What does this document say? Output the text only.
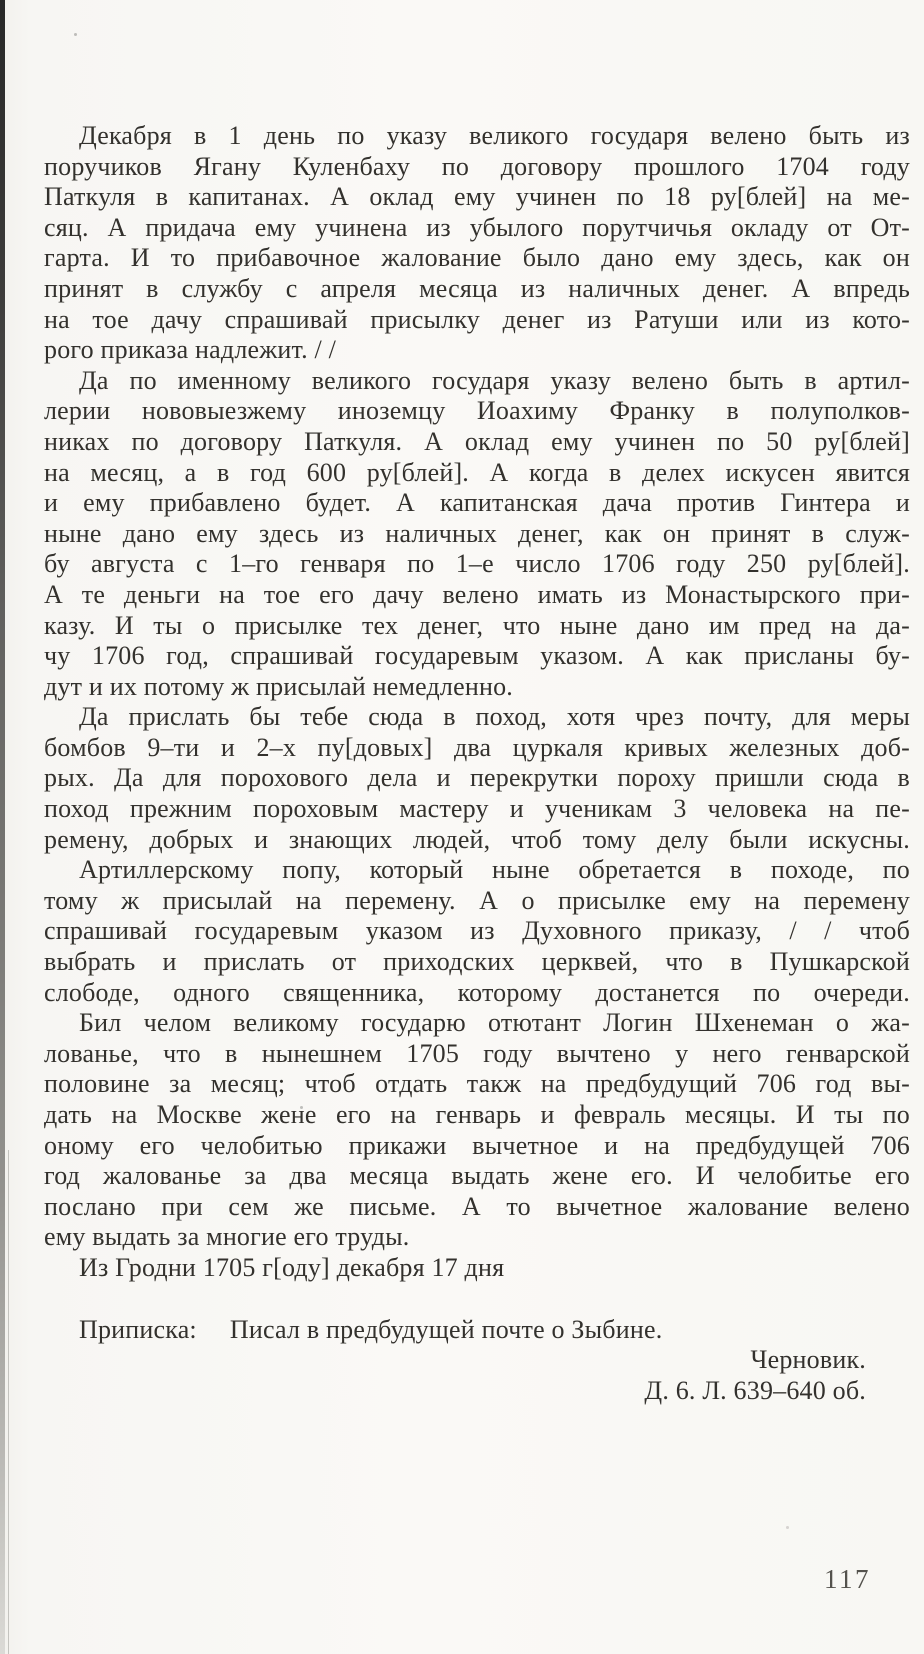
Декабря в 1 день по указу великого государя велено быть из
поручиков Ягану Куленбаху по договору прошлого 1704 году
Паткуля в капитанах. А оклад ему учинен по 18 ру[блей] на ме-
сяц. А придача ему учинена из убылого порутчичья окладу от От-
гарта. И то прибавочное жалование было дано ему здесь, как он
принят в службу с апреля месяца из наличных денег. А впредь
на тое дачу спрашивай присылку денег из Ратуши или из кото-
рого приказа надлежит. / /
Да по именному великого государя указу велено быть в артил-
лерии нововыезжему иноземцу Иоахиму Франку в полуполков-
никах по договору Паткуля. А оклад ему учинен по 50 ру[блей]
на месяц, а в год 600 ру[блей]. А когда в делех искусен явится
и ему прибавлено будет. А капитанская дача против Гинтера и
ныне дано ему здесь из наличных денег, как он принят в служ-
бу августа с 1–го генваря по 1–е число 1706 году 250 ру[блей].
А те деньги на тое его дачу велено имать из Монастырского при-
казу. И ты о присылке тех денег, что ныне дано им пред на да-
чу 1706 год, спрашивай государевым указом. А как присланы бу-
дут и их потому ж присылай немедленно.
Да прислать бы тебе сюда в поход, хотя чрез почту, для меры
бомбов 9–ти и 2–х пу[довых] два цуркаля кривых железных доб-
рых. Да для порохового дела и перекрутки пороху пришли сюда в
поход прежним пороховым мастеру и ученикам 3 человека на пе-
ремену, добрых и знающих людей, чтоб тому делу были искусны.
Артиллерскому попу, который ныне обретается в походе, по
тому ж присылай на перемену. А о присылке ему на перемену
спрашивай государевым указом из Духовного приказу, / / чтоб
выбрать и прислать от приходских церквей, что в Пушкарской
слободе, одного священника, которому достанется по очереди.
Бил челом великому государю отютант Логин Шхенеман о жа-
лованье, что в нынешнем 1705 году вычтено у него генварской
половине за месяц; чтоб отдать такж на предбудущий 706 год вы-
дать на Москве жене его на генварь и февраль месяцы. И ты по
оному его челобитью прикажи вычетное и на предбудущей 706
год жалованье за два месяца выдать жене его. И челобитье его
послано при сем же письме. А то вычетное жалование велено
ему выдать за многие его труды.
Из Гродни 1705 г[оду] декабря 17 дня
Приписка: Писал в предбудущей почте о Зыбине.
Черновик.
Д. 6. Л. 639–640 об.
117
